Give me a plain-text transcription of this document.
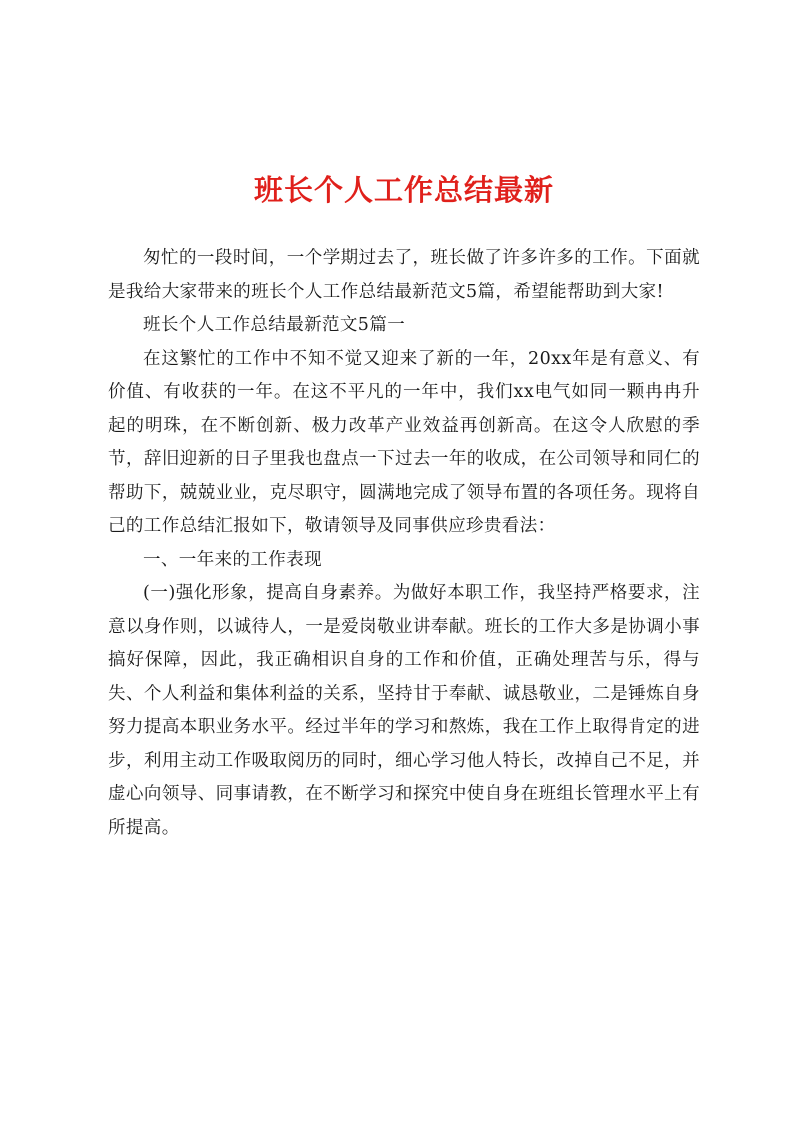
班长个人工作总结最新

匆忙的一段时间，一个学期过去了，班长做了许多许多的工作。下面就是我给大家带来的班长个人工作总结最新范文5篇，希望能帮助到大家!

班长个人工作总结最新范文5篇一

在这繁忙的工作中不知不觉又迎来了新的一年，20xx年是有意义、有价值、有收获的一年。在这不平凡的一年中，我们xx电气如同一颗冉冉升起的明珠，在不断创新、极力改革产业效益再创新高。在这令人欣慰的季节，辞旧迎新的日子里我也盘点一下过去一年的收成，在公司领导和同仁的帮助下，兢兢业业，克尽职守，圆满地完成了领导布置的各项任务。现将自己的工作总结汇报如下，敬请领导及同事供应珍贵看法：

一、一年来的工作表现

(一)强化形象，提高自身素养。为做好本职工作，我坚持严格要求，注意以身作则，以诚待人，一是爱岗敬业讲奉献。班长的工作大多是协调小事搞好保障，因此，我正确相识自身的工作和价值，正确处理苦与乐，得与失、个人利益和集体利益的关系，坚持甘于奉献、诚恳敬业，二是锤炼自身努力提高本职业务水平。经过半年的学习和熬炼，我在工作上取得肯定的进步，利用主动工作吸取阅历的同时，细心学习他人特长，改掉自己不足，并虚心向领导、同事请教，在不断学习和探究中使自身在班组长管理水平上有所提高。
